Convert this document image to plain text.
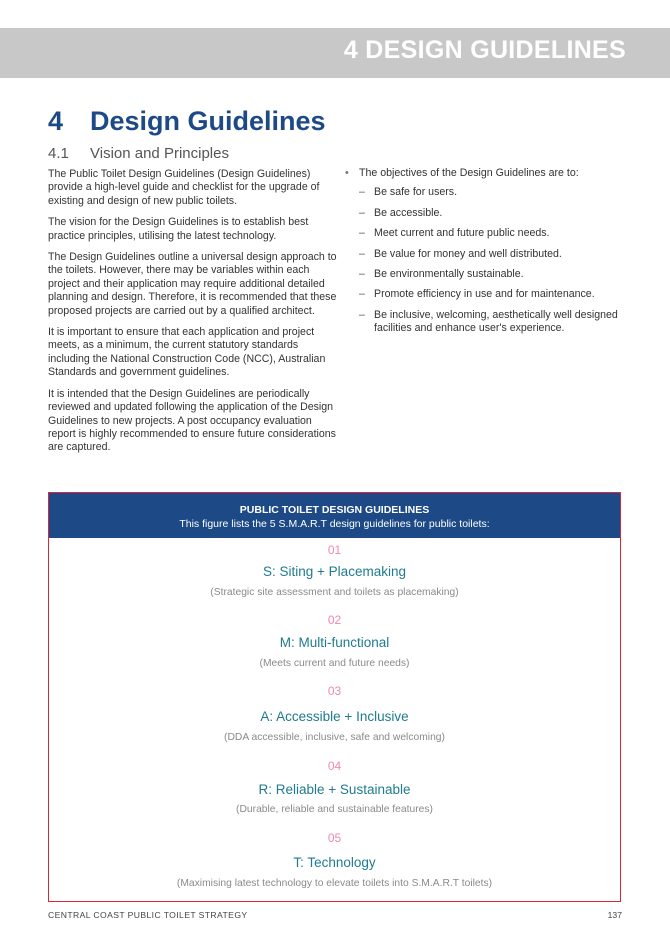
4 DESIGN GUIDELINES
4 Design Guidelines
4.1 Vision and Principles

The Public Toilet Design Guidelines (Design Guidelines) provide a high-level guide and checklist for the upgrade of existing and design of new public toilets.

The vision for the Design Guidelines is to establish best practice principles, utilising the latest technology.

The Design Guidelines outline a universal design approach to the toilets. However, there may be variables within each project and their application may require additional detailed planning and design. Therefore, it is recommended that these proposed projects are carried out by a qualified architect.

It is important to ensure that each application and project meets, as a minimum, the current statutory standards including the National Construction Code (NCC), Australian Standards and government guidelines.

It is intended that the Design Guidelines are periodically reviewed and updated following the application of the Design Guidelines to new projects. A post occupancy evaluation report is highly recommended to ensure future considerations are captured.

• The objectives of the Design Guidelines are to:

– Be safe for users.
– Be accessible.
– Meet current and future public needs.
– Be value for money and well distributed.
– Be environmentally sustainable.
– Promote efficiency in use and for maintenance.
– Be inclusive, welcoming, aesthetically well designed facilities and enhance user's experience.
PUBLIC TOILET DESIGN GUIDELINES
This figure lists the 5 S.M.A.R.T design guidelines for public toilets:
01
S: Siting + Placemaking
(Strategic site assessment and toilets as placemaking)
02
M: Multi-functional
(Meets current and future needs)
03
A: Accessible + Inclusive
(DDA accessible, inclusive, safe and welcoming)
04
R: Reliable + Sustainable
(Durable, reliable and sustainable features)
05
T: Technology
(Maximising latest technology to elevate toilets into S.M.A.R.T toilets)
CENTRAL COAST PUBLIC TOILET STRATEGY	137
